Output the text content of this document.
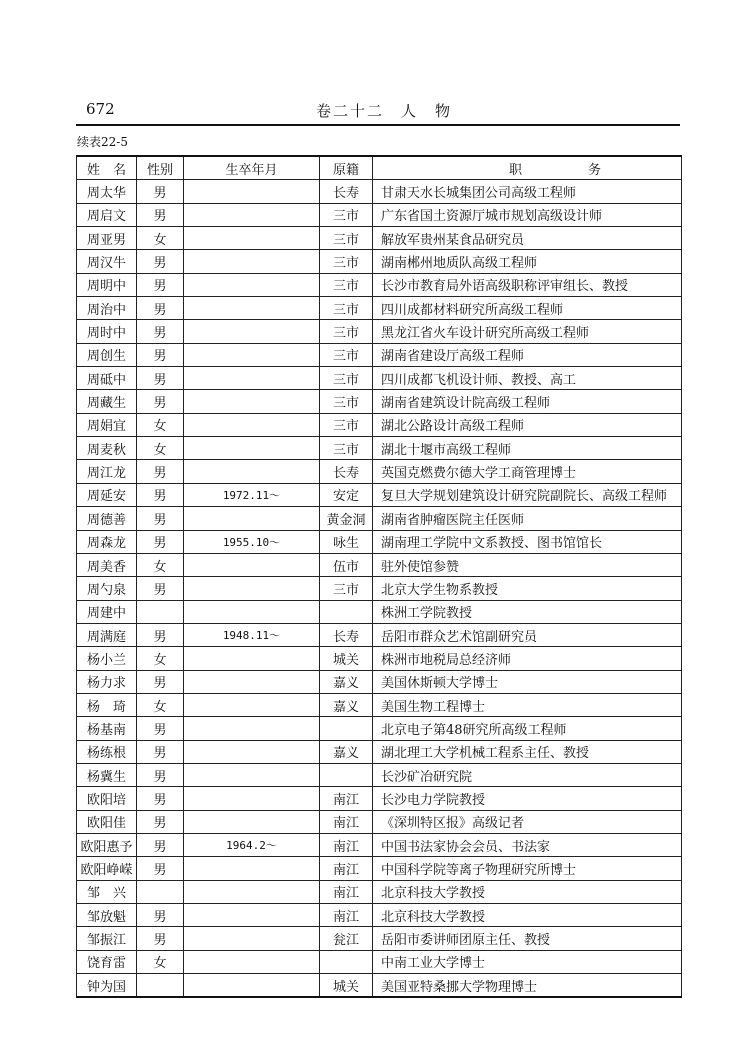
672	卷二十二　人　物
续表22-5
姓　名	性别	生卒年月	原籍	职 务

周太华	男		长寿	甘肃天水长城集团公司高级工程师
周启文	男		三市	广东省国土资源厅城市规划高级设计师
周亚男	女		三市	解放军贵州某食品研究员
周汉牛	男		三市	湖南郴州地质队高级工程师
周明中	男		三市	长沙市教育局外语高级职称评审组长、教授
周治中	男		三市	四川成都材料研究所高级工程师
周时中	男		三市	黑龙江省火车设计研究所高级工程师
周创生	男		三市	湖南省建设厅高级工程师
周砥中	男		三市	四川成都飞机设计师、教授、高工
周藏生	男		三市	湖南省建筑设计院高级工程师
周娟宜	女		三市	湖北公路设计高级工程师
周麦秋	女		三市	湖北十堰市高级工程师
周江龙	男		长寿	英国克燃费尔德大学工商管理博士
周延安	男	1972.11～	安定	复旦大学规划建筑设计研究院副院长、高级工程师
周德善	男		黄金洞	湖南省肿瘤医院主任医师
周森龙	男	1955.10～	咏生	湖南理工学院中文系教授、图书馆馆长
周美香	女		伍市	驻外使馆参赞
周勺泉	男		三市	北京大学生物系教授
周建中				株洲工学院教授
周满庭	男	1948.11～	长寿	岳阳市群众艺术馆副研究员
杨小兰	女		城关	株洲市地税局总经济师
杨力求	男		嘉义	美国休斯顿大学博士
杨　琦	女		嘉义	美国生物工程博士
杨基南	男			北京电子第48研究所高级工程师
杨练根	男		嘉义	湖北理工大学机械工程系主任、教授
杨冀生	男			长沙矿冶研究院
欧阳培	男		南江	长沙电力学院教授
欧阳佳	男		南江	《深圳特区报》高级记者
欧阳惠予	男	1964.2～	南江	中国书法家协会会员、书法家
欧阳峥嵘	男		南江	中国科学院等离子物理研究所博士
邹　兴			南江	北京科技大学教授
邹放魁	男		南江	北京科技大学教授
邹振江	男		瓮江	岳阳市委讲师团原主任、教授
饶育雷	女			中南工业大学博士
钟为国			城关	美国亚特桑挪大学物理博士
